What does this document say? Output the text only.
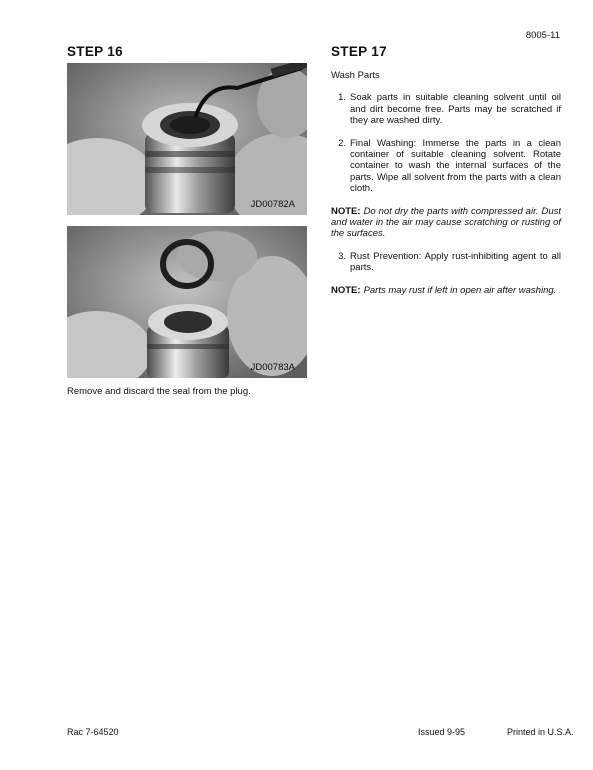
8005-11
STEP 16	STEP 17
JD00782A
JD00783A
Remove and discard the seal from the plug.

Wash Parts

1. Soak parts in suitable cleaning solvent until oil and dirt become free. Parts may be scratched if they are washed dirty.
2. Final Washing: Immerse the parts in a clean container of suitable cleaning solvent. Rotate container to wash the internal surfaces of the parts. Wipe all solvent from the parts with a clean cloth.

NOTE: Do not dry the parts with compressed air. Dust and water in the air may cause scratching or rusting of the surfaces.

3. Rust Prevention: Apply rust-inhibiting agent to all parts.

NOTE: Parts may rust if left in open air after washing.

Rac 7-64520	Issued 9-95	Printed in U.S.A.
